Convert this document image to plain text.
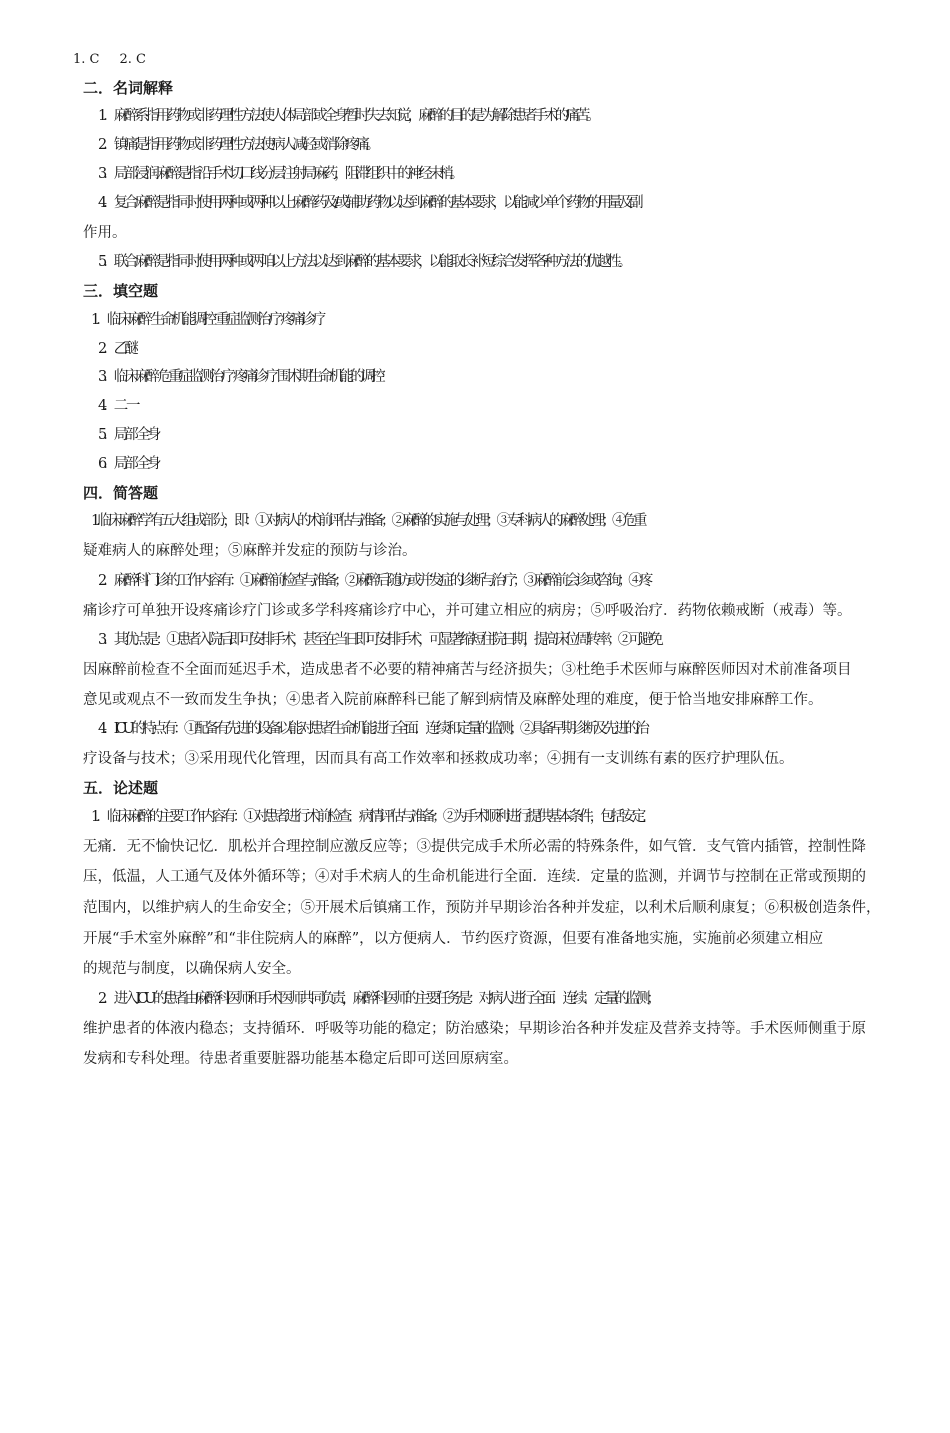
1. C 2. C
二．名词解释
1．麻醉系指用药物或非药理性方法使人体局部或全身暂时失去知觉，麻醉的目的是为解除患者手术的痛苦。
2．镇痛是指用药物或非药理性方法使病人减轻或消除疼痛。
3．局部浸润麻醉是指沿手术切口线分层注射局麻药，阻滞组织中的神经末梢。
4．复合麻醉是指同时使用两种或两种以上麻醉药及/或辅助药物以达到麻醉的基本要求，以能减少单个药物的用量及副
作用。
5．联合麻醉是指同时使用两种或两咱以上方法以达到麻醉的基本要求，以能取长补短综合发挥各种方法的优越性。
三．填空题
1．临床麻醉   生命机能调控   重症监测治疗   疼痛诊疗
2．乙醚
3．临床麻醉   危重症监测治疗   疼痛诊疗   围术期生命机能的调控
4．二   一
5．局部   全身
6．局部   全身
四．简答题
1. 临床麻醉学有五大组成部分，即：①对病人的术前评估与准备；②麻醉的实施与处理；③专科病人的麻醉处理；④危重
疑难病人的麻醉处理；⑤麻醉并发症的预防与诊治。
2．麻醉科门诊的工作内容有：①麻醉前检查与准备；②麻醉后随访或并发症的诊断与治疗；③麻醉前会诊或咨询；④疼
痛诊疗可单独开设疼痛诊疗门诊或多学科疼痛诊疗中心，并可建立相应的病房；⑤呼吸治疗．药物依赖戒断（戒毒）等。
3．其优点是：①患者入院后即可安排手术，甚至在当日即可安排手术，可显著缩短住院日期，提高床位周转率；②可避免
因麻醉前检查不全面而延迟手术，造成患者不必要的精神痛苦与经济损失；③杜绝手术医师与麻醉医师因对术前准备项目
意见或观点不一致而发生争执；④患者入院前麻醉科已能了解到病情及麻醉处理的难度，便于恰当地安排麻醉工作。
4．ICU 的特点有：①配备有先进的设备以能对患者生命机能进行全面．连续和定量的监测；②具备早期诊断及先进的治
疗设备与技术；③采用现代化管理，因而具有高工作效率和拯救成功率；④拥有一支训练有素的医疗护理队伍。
五．论述题
1．临床麻醉的主要工作内容有：①对患者进行术前检查．病情评估与准备；②为手术顺利进行提供基本条件，包括安定．
无痛．无不愉快记忆．肌松并合理控制应激反应等；③提供完成手术所必需的特殊条件，如气管．支气管内插管，控制性降
压，低温，人工通气及体外循环等；④对手术病人的生命机能进行全面．连续．定量的监测，并调节与控制在正常或预期的
范围内，以维护病人的生命安全；⑤开展术后镇痛工作，预防并早期诊治各种并发症，以利术后顺利康复；⑥积极创造条件，
开展“手术室外麻醉”和“非住院病人的麻醉”，以方便病人．节约医疗资源，但要有准备地实施，实施前必须建立相应
的规范与制度，以确保病人安全。
2．进入 ICU 的患者由麻醉科医师和手术医师共同负责，麻醉科医师的主要任务是：对病人进行全面．连续．定量的监测；
维护患者的体液内稳态；支持循环．呼吸等功能的稳定；防治感染；早期诊治各种并发症及营养支持等。手术医师侧重于原
发病和专科处理。待患者重要脏器功能基本稳定后即可送回原病室。
